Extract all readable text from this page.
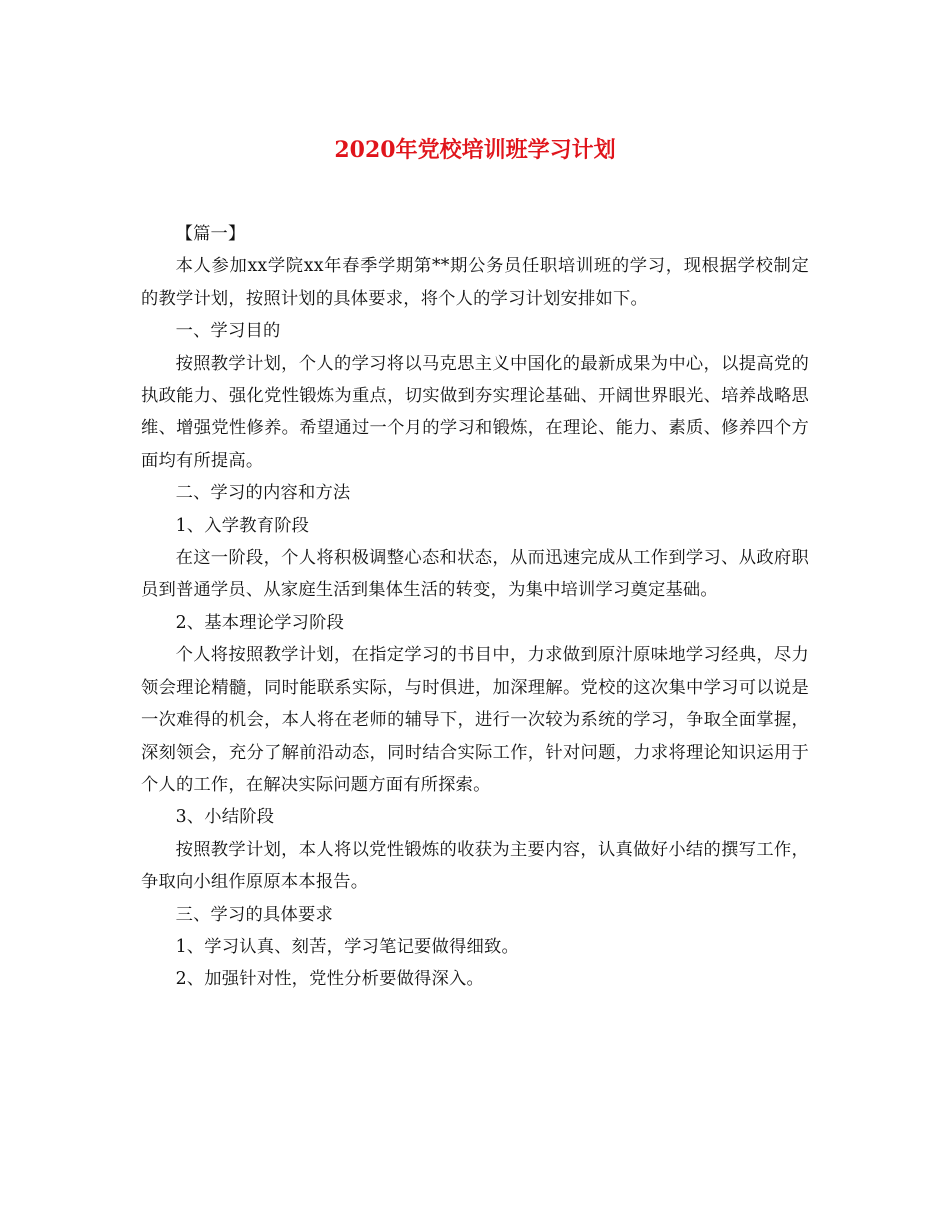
2020年党校培训班学习计划

【篇一】

本人参加xx学院xx年春季学期第**期公务员任职培训班的学习，现根据学校制定的教学计划，按照计划的具体要求，将个人的学习计划安排如下。

一、学习目的

按照教学计划，个人的学习将以马克思主义中国化的最新成果为中心，以提高党的执政能力、强化党性锻炼为重点，切实做到夯实理论基础、开阔世界眼光、培养战略思维、增强党性修养。希望通过一个月的学习和锻炼，在理论、能力、素质、修养四个方面均有所提高。

二、学习的内容和方法

1、入学教育阶段

在这一阶段，个人将积极调整心态和状态，从而迅速完成从工作到学习、从政府职员到普通学员、从家庭生活到集体生活的转变，为集中培训学习奠定基础。

2、基本理论学习阶段

个人将按照教学计划，在指定学习的书目中，力求做到原汁原味地学习经典，尽力领会理论精髓，同时能联系实际，与时俱进，加深理解。党校的这次集中学习可以说是一次难得的机会，本人将在老师的辅导下，进行一次较为系统的学习，争取全面掌握，深刻领会，充分了解前沿动态，同时结合实际工作，针对问题，力求将理论知识运用于个人的工作，在解决实际问题方面有所探索。

3、小结阶段

按照教学计划，本人将以党性锻炼的收获为主要内容，认真做好小结的撰写工作，争取向小组作原原本本报告。

三、学习的具体要求

1、学习认真、刻苦，学习笔记要做得细致。

2、加强针对性，党性分析要做得深入。
